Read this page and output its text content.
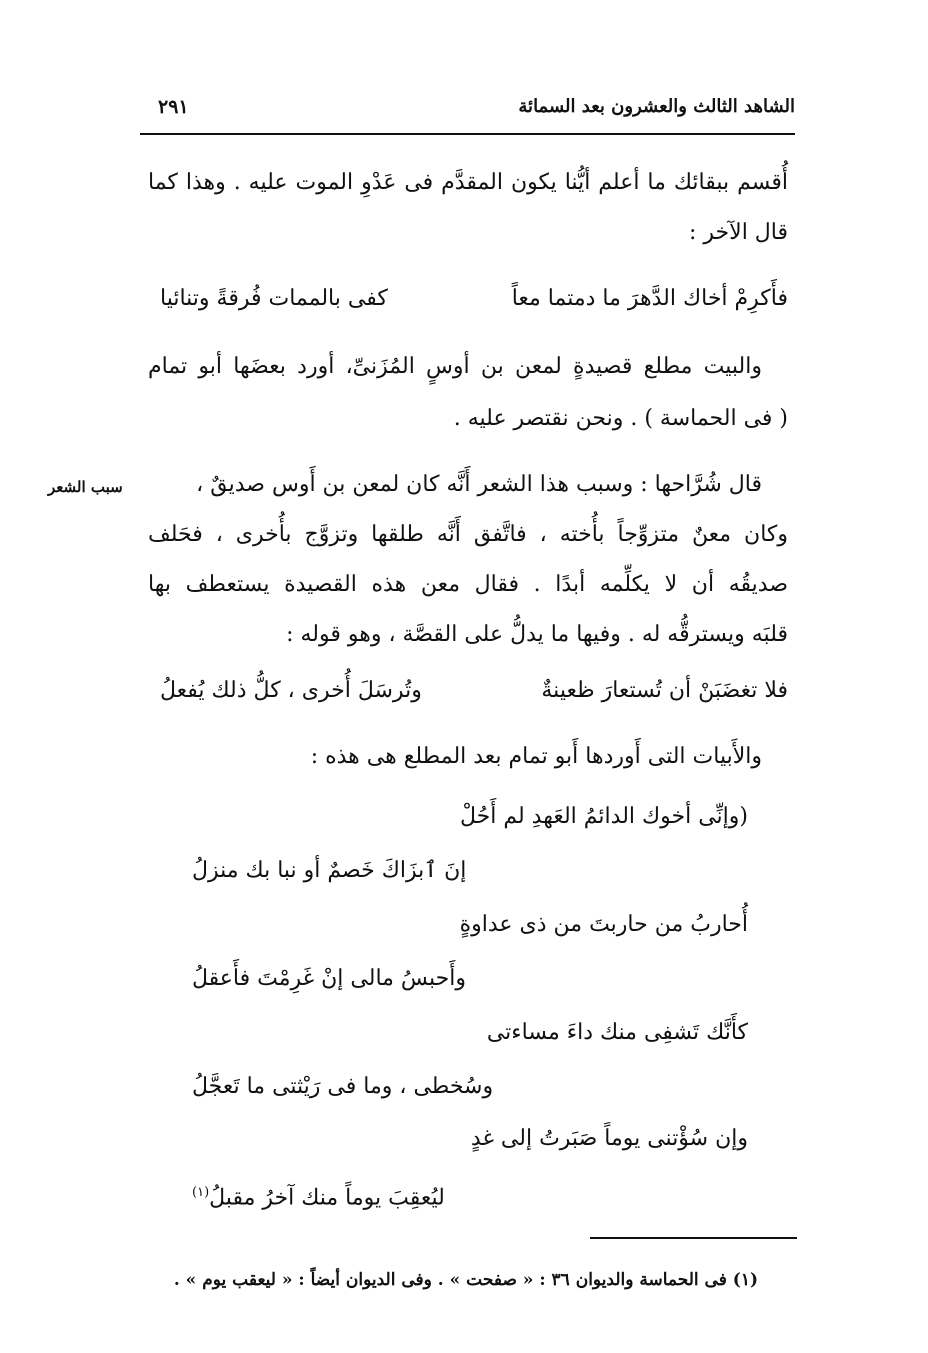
الشاهد الثالث والعشرون بعد السمائة
٢٩١
أُقسم ببقائك ما أعلم أيُّنا يكون المقدَّم فى عَدْوِ الموت عليه . وهذا كما
قال الآخر :
فأَكرِمْ أخاك الدَّهرَ ما دمتما معاً
كفى بالممات فُرقةً وتنائيا
والبيت مطلع قصيدةٍ لمعن بن أوسٍ المُزَنىِّ، أورد بعضَها أبو تمام
( فى الحماسة ) . ونحن نقتصر عليه .
سبب الشعر	قال شُرَّاحها : وسبب هذا الشعر أَنَّه كان لمعن بن أَوس صديقٌ ،
وكان معنٌ متزوِّجاً بأُخته ، فاتَّفق أَنَّه طلقها وتزوَّج بأُخرى ، فحَلف
صديقُه أن لا يكلِّمه أبدًا . فقال معن هذه القصيدة يستعطف بها
قلبَه ويسترقُّه له . وفيها ما يدلُّ على القصَّة ، وهو قوله :
فلا تغضَبَنْ أن تُستعارَ ظعينةٌ
وتُرسَلَ أُخرى ، كلُّ ذلك يُفعلُ
والأَبيات التى أَوردها أَبو تمام بعد المطلع هى هذه :
(وإنِّى أخوك الدائمُ العَهدِ لم أَحُلْ
إنَ ٱبزَاكَ خَصمٌ أو نبا بك منزلُ
أُحاربُ من حاربتَ من ذى عداوةٍ
وأَحبسُ مالى إنْ غَرِمْتَ فأَعقلُ
كأَنَّك تَشفِى منك داءَ مساءتى
وسُخطى ، وما فى رَيْثتى ما تَعجَّلُ
وإن سُؤْتنى يوماً صَبَرتُ إلى غدٍ
ليُعقِبَ يوماً منك آخرُ مقبلُ$^{(١)}$
(١) فى الحماسة والديوان ٣٦ : « صفحت » . وفى الديوان أيضاً : « ليعقب يوم » .
